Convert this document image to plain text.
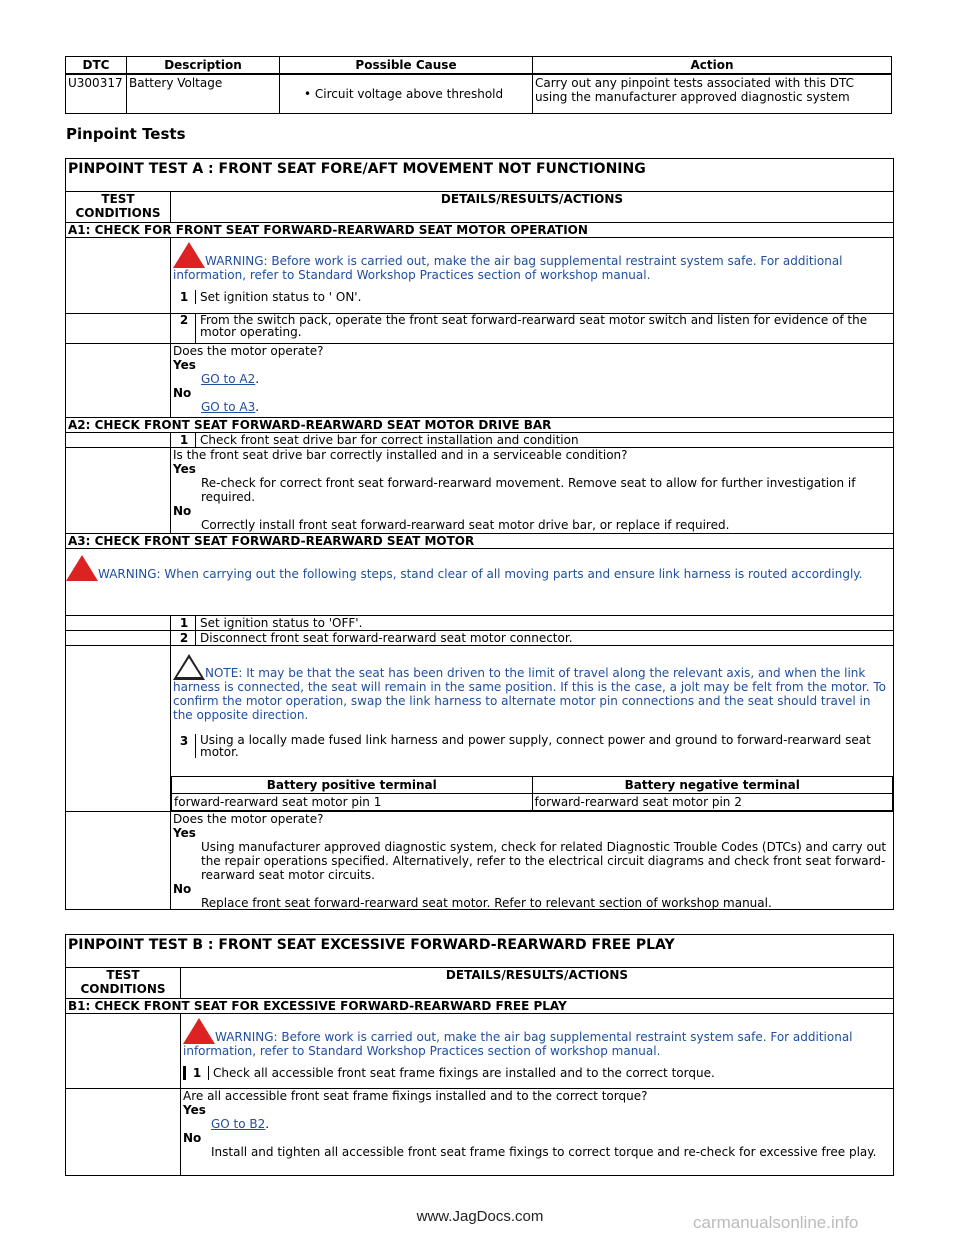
DTC	Description	Possible Cause	Action
U300317	Battery Voltage	• Circuit voltage above threshold	Carry out any pinpoint tests associated with this DTC using the manufacturer approved diagnostic system
Pinpoint Tests
PINPOINT TEST A : FRONT SEAT FORE/AFT MOVEMENT NOT FUNCTIONING
TEST CONDITIONS
DETAILS/RESULTS/ACTIONS
A1: CHECK FOR FRONT SEAT FORWARD-REARWARD SEAT MOTOR OPERATION
WARNING: Before work is carried out, make the air bag supplemental restraint system safe. For additional information, refer to Standard Workshop Practices section of workshop manual.
1 Set ignition status to ' ON'.
2 From the switch pack, operate the front seat forward-rearward seat motor switch and listen for evidence of the motor operating.
Does the motor operate?
Yes
GO to A2.
No
GO to A3.
A2: CHECK FRONT SEAT FORWARD-REARWARD SEAT MOTOR DRIVE BAR
1 Check front seat drive bar for correct installation and condition
Is the front seat drive bar correctly installed and in a serviceable condition?
Yes
Re-check for correct front seat forward-rearward movement. Remove seat to allow for further investigation if required.
No
Correctly install front seat forward-rearward seat motor drive bar, or replace if required.
A3: CHECK FRONT SEAT FORWARD-REARWARD SEAT MOTOR
WARNING: When carrying out the following steps, stand clear of all moving parts and ensure link harness is routed accordingly.
1 Set ignition status to 'OFF'.
2 Disconnect front seat forward-rearward seat motor connector.
NOTE: It may be that the seat has been driven to the limit of travel along the relevant axis, and when the link harness is connected, the seat will remain in the same position. If this is the case, a jolt may be felt from the motor. To confirm the motor operation, swap the link harness to alternate motor pin connections and the seat should travel in the opposite direction.
3 Using a locally made fused link harness and power supply, connect power and ground to forward-rearward seat motor.
Battery positive terminal	Battery negative terminal
forward-rearward seat motor pin 1	forward-rearward seat motor pin 2
Does the motor operate?
Yes
Using manufacturer approved diagnostic system, check for related Diagnostic Trouble Codes (DTCs) and carry out the repair operations specified. Alternatively, refer to the electrical circuit diagrams and check front seat forward-rearward seat motor circuits.
No
Replace front seat forward-rearward seat motor. Refer to relevant section of workshop manual.
PINPOINT TEST B : FRONT SEAT EXCESSIVE FORWARD-REARWARD FREE PLAY
TEST CONDITIONS
DETAILS/RESULTS/ACTIONS
B1: CHECK FRONT SEAT FOR EXCESSIVE FORWARD-REARWARD FREE PLAY
WARNING: Before work is carried out, make the air bag supplemental restraint system safe. For additional information, refer to Standard Workshop Practices section of workshop manual.
1 Check all accessible front seat frame fixings are installed and to the correct torque.
Are all accessible front seat frame fixings installed and to the correct torque?
Yes
GO to B2.
No
Install and tighten all accessible front seat frame fixings to correct torque and re-check for excessive free play.
www.JagDocs.com	carmanualsonline.info
